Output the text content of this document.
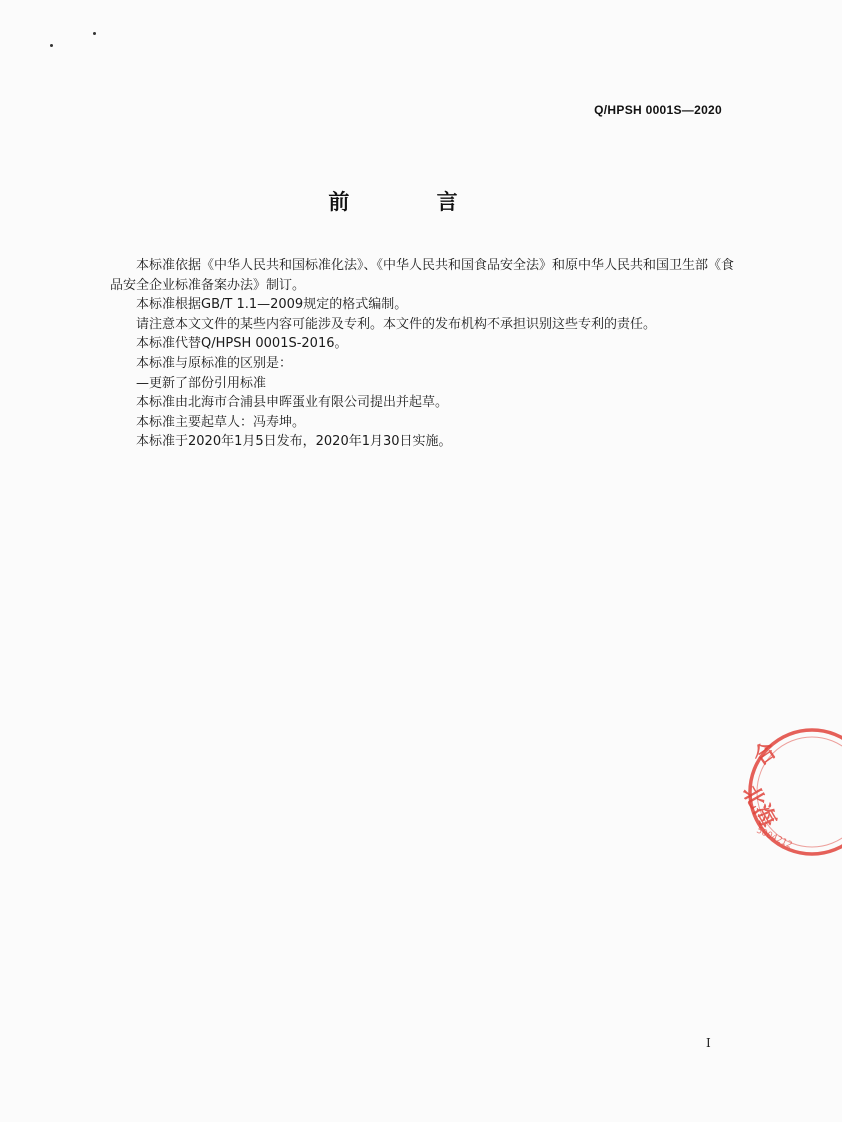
Q/HPSH 0001S—2020
前 言

本标准依据《中华人民共和国标准化法》、《中华人民共和国食品安全法》和原中华人民共和国卫生部《食品安全企业标准备案办法》制订。

本标准根据GB/T 1.1—2009规定的格式编制。

请注意本文文件的某些内容可能涉及专利。本文件的发布机构不承担识别这些专利的责任。

本标准代替Q/HPSH 0001S-2016。

本标准与原标准的区别是：

—更新了部份引用标准

本标准由北海市合浦县申晖蛋业有限公司提出并起草。

本标准主要起草人：冯寿坤。

本标准于2020年1月5日发布，2020年1月30日实施。

合
北海
5004212
I
